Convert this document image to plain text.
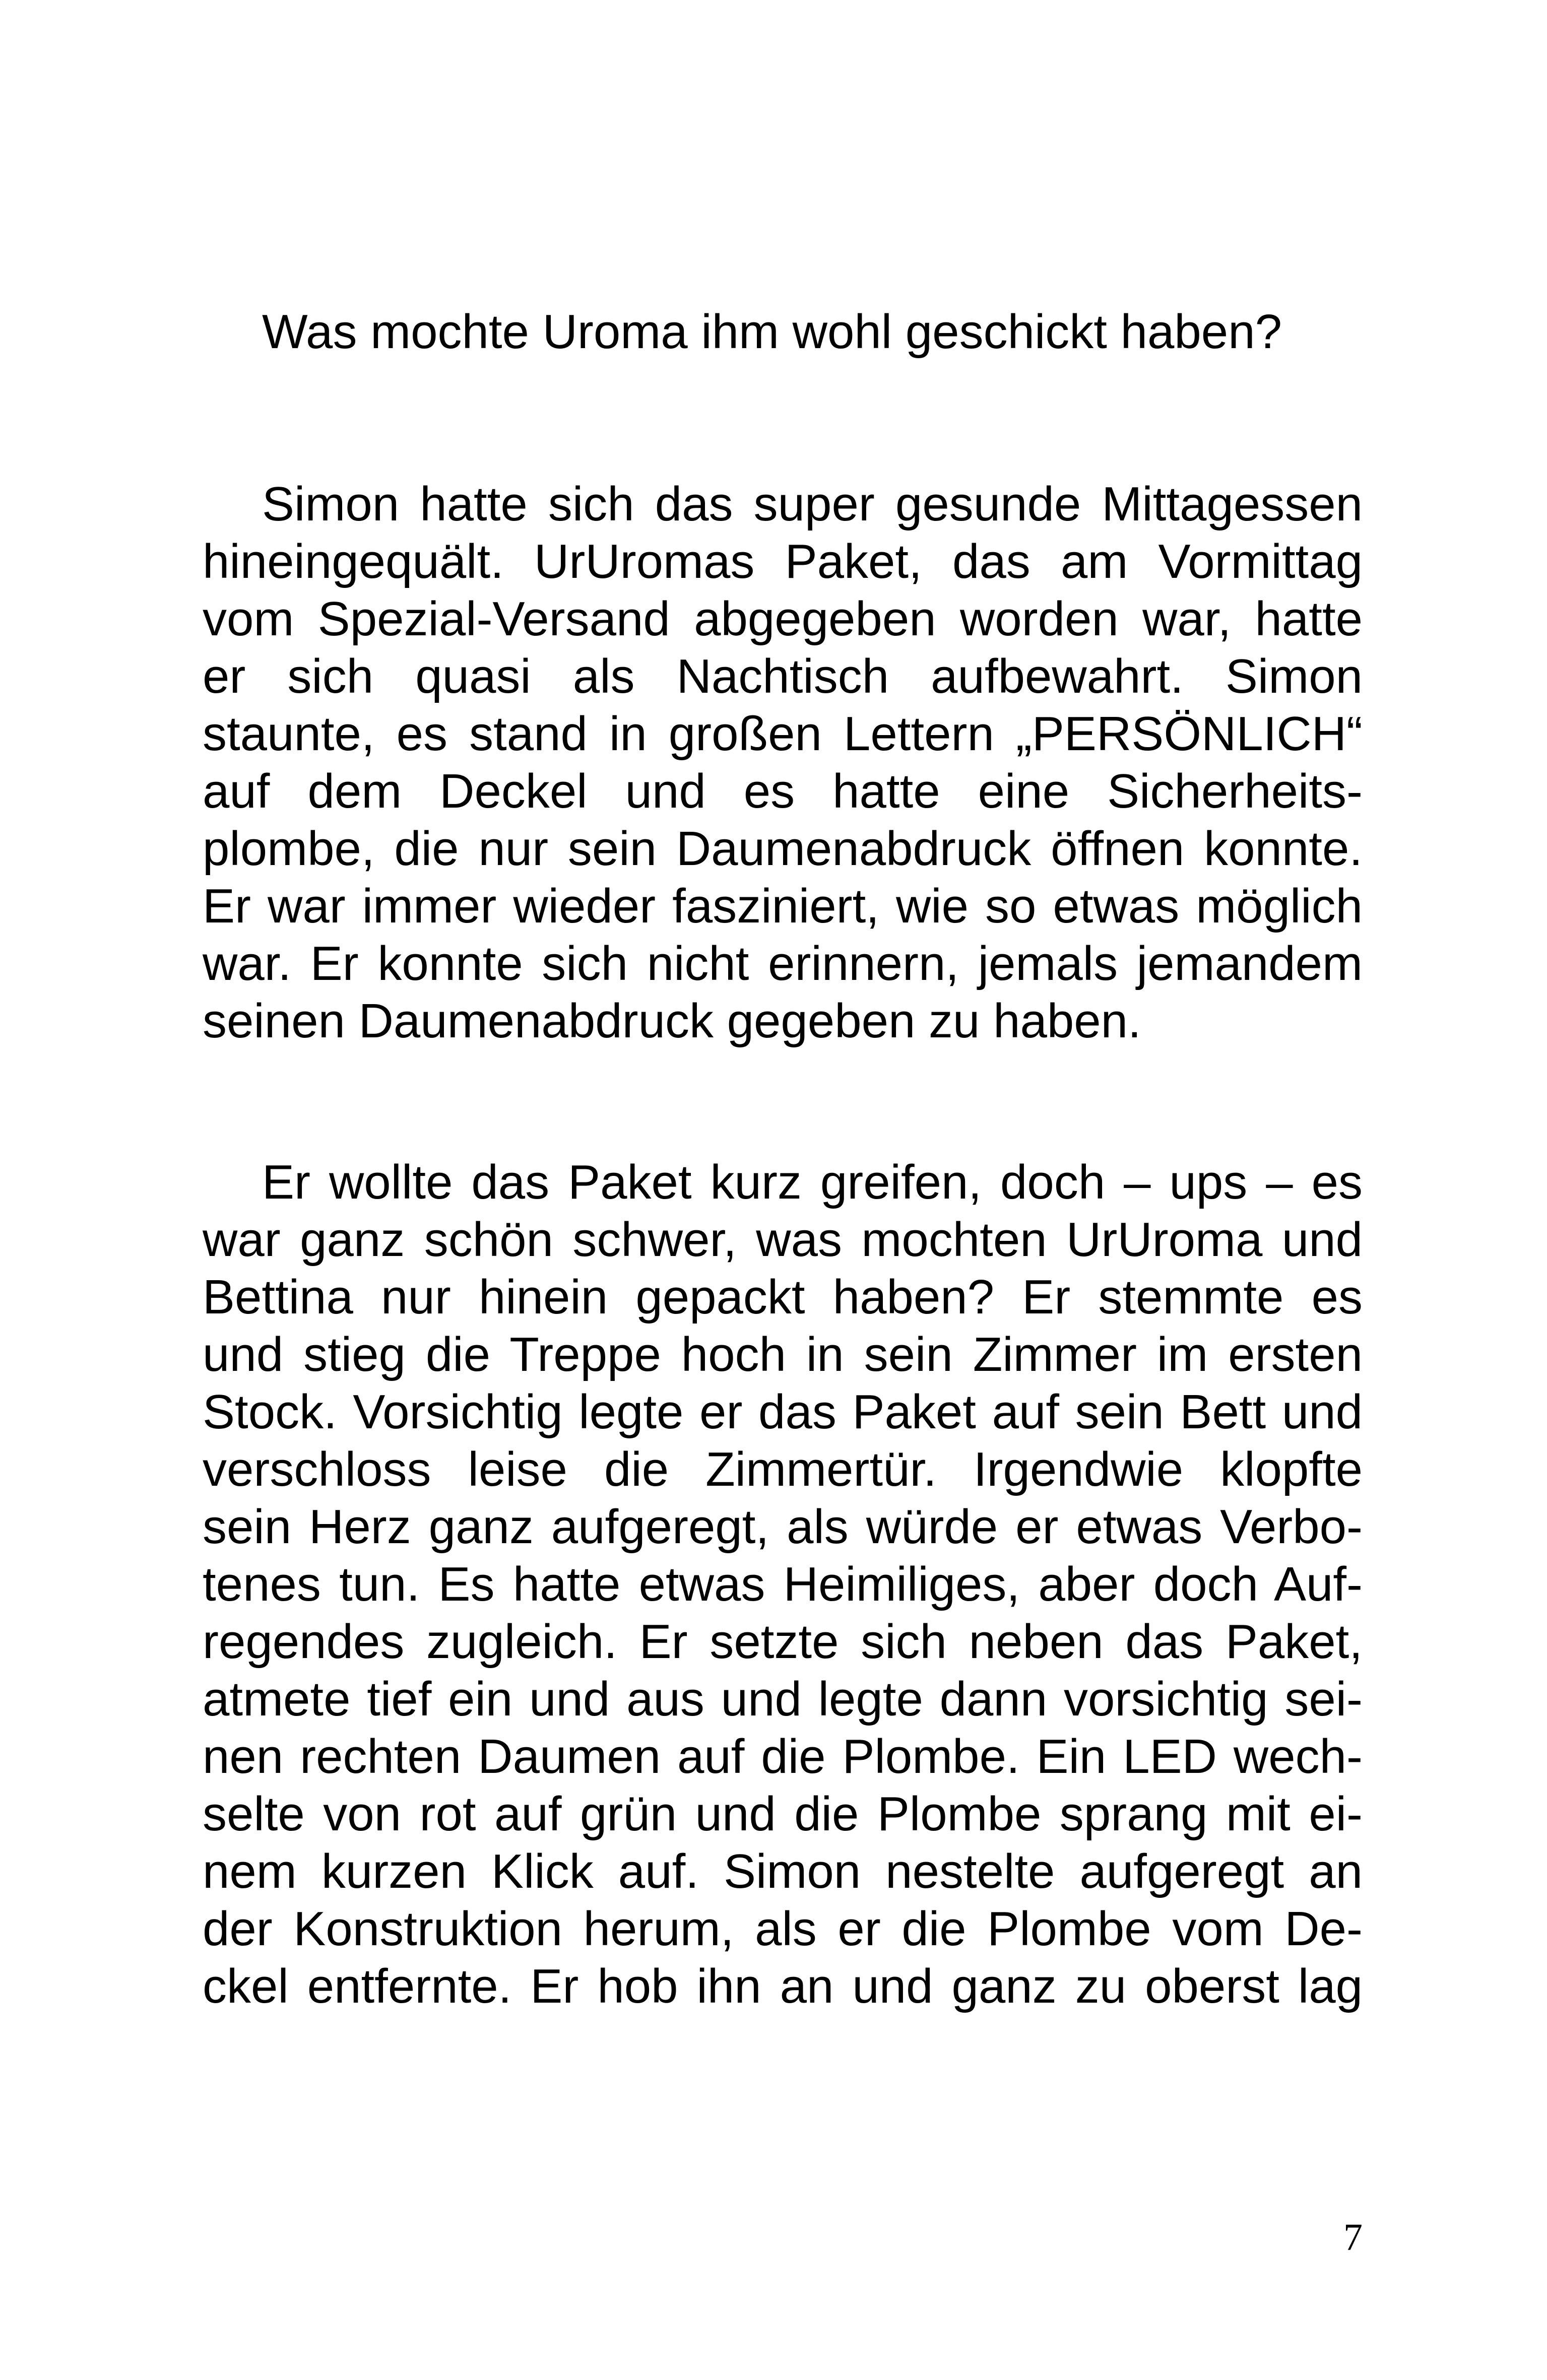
Was mochte Uroma ihm wohl geschickt haben?
Simon hatte sich das super gesunde Mittagessen
hineingequält. UrUromas Paket, das am Vormittag
vom Spezial-Versand abgegeben worden war, hatte
er sich quasi als Nachtisch aufbewahrt. Simon
staunte, es stand in großen Lettern „PERSÖNLICH“
auf dem Deckel und es hatte eine Sicherheits-
plombe, die nur sein Daumenabdruck öffnen konnte.
Er war immer wieder fasziniert, wie so etwas möglich
war. Er konnte sich nicht erinnern, jemals jemandem
seinen Daumenabdruck gegeben zu haben.
Er wollte das Paket kurz greifen, doch – ups – es
war ganz schön schwer, was mochten UrUroma und
Bettina nur hinein gepackt haben? Er stemmte es
und stieg die Treppe hoch in sein Zimmer im ersten
Stock. Vorsichtig legte er das Paket auf sein Bett und
verschloss leise die Zimmertür. Irgendwie klopfte
sein Herz ganz aufgeregt, als würde er etwas Verbo-
tenes tun. Es hatte etwas Heimiliges, aber doch Auf-
regendes zugleich. Er setzte sich neben das Paket,
atmete tief ein und aus und legte dann vorsichtig sei-
nen rechten Daumen auf die Plombe. Ein LED wech-
selte von rot auf grün und die Plombe sprang mit ei-
nem kurzen Klick auf. Simon nestelte aufgeregt an
der Konstruktion herum, als er die Plombe vom De-
ckel entfernte. Er hob ihn an und ganz zu oberst lag
7
